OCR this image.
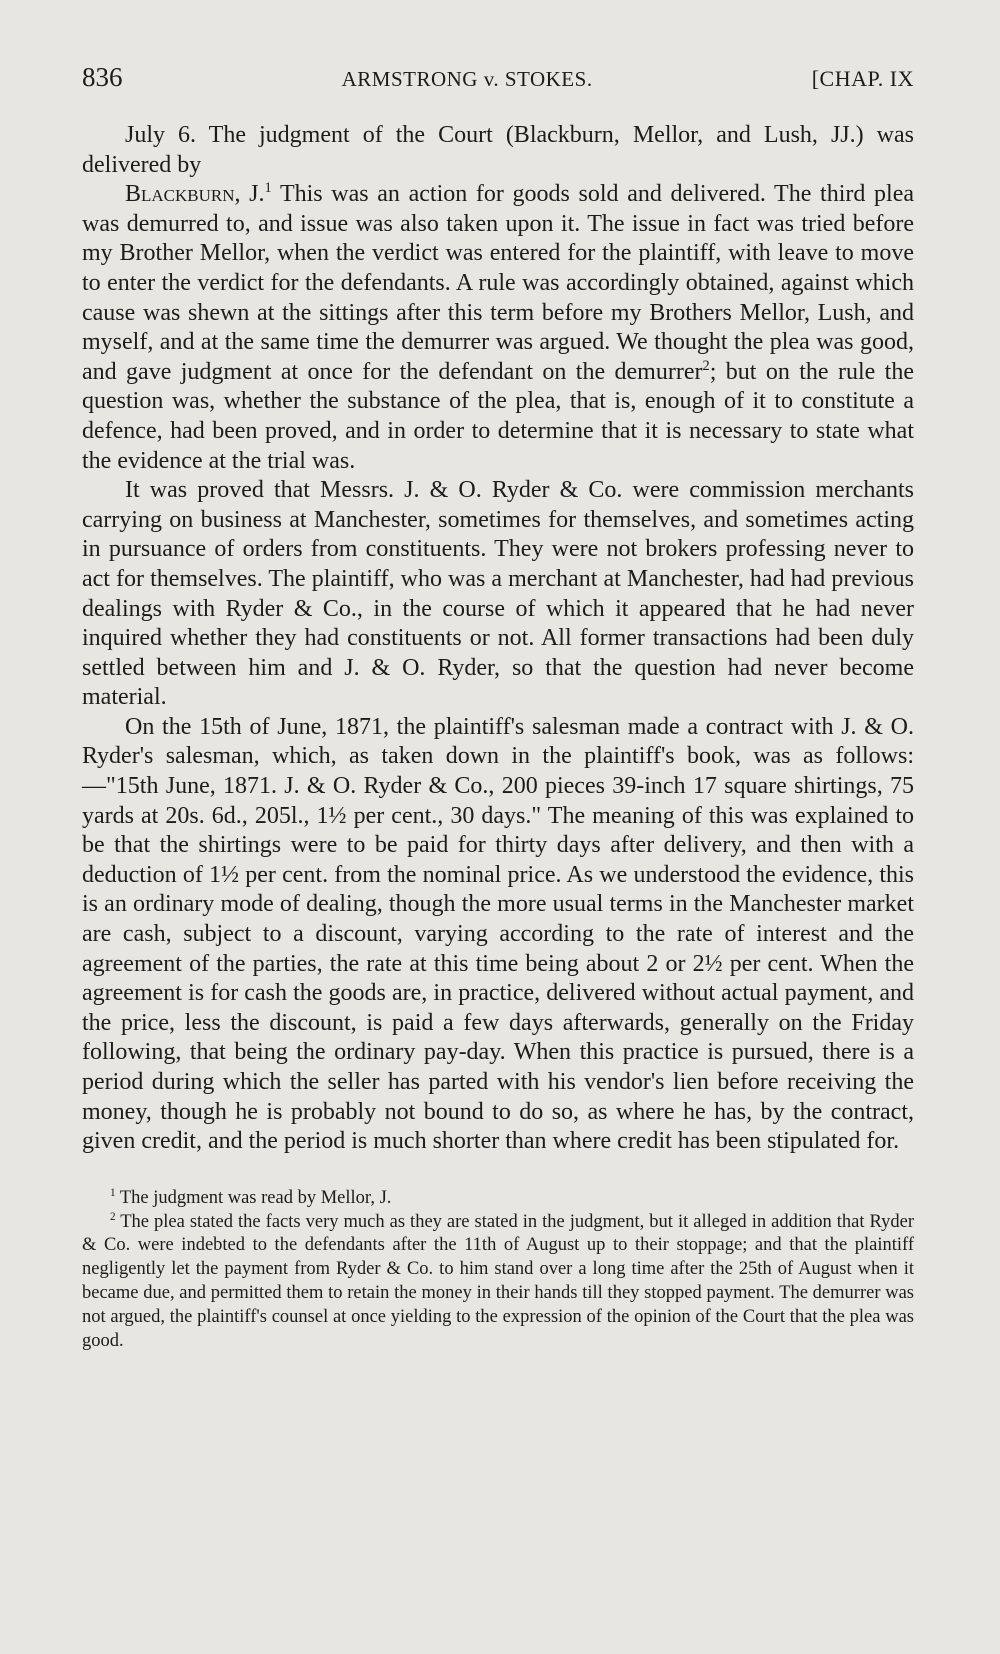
836	ARMSTRONG v. STOKES.	[CHAP. IX

July 6. The judgment of the Court (Blackburn, Mellor, and Lush, JJ.) was delivered by

Blackburn, J.$^1$ This was an action for goods sold and delivered. The third plea was demurred to, and issue was also taken upon it. The issue in fact was tried before my Brother Mellor, when the verdict was entered for the plaintiff, with leave to move to enter the verdict for the defendants. A rule was accordingly obtained, against which cause was shewn at the sittings after this term before my Brothers Mellor, Lush, and myself, and at the same time the demurrer was argued. We thought the plea was good, and gave judgment at once for the defendant on the demurrer$^2$; but on the rule the question was, whether the substance of the plea, that is, enough of it to constitute a defence, had been proved, and in order to determine that it is necessary to state what the evidence at the trial was.

It was proved that Messrs. J. & O. Ryder & Co. were commission merchants carrying on business at Manchester, sometimes for themselves, and sometimes acting in pursuance of orders from constituents. They were not brokers professing never to act for themselves. The plaintiff, who was a merchant at Manchester, had had previous dealings with Ryder & Co., in the course of which it appeared that he had never inquired whether they had constituents or not. All former transactions had been duly settled between him and J. & O. Ryder, so that the question had never become material.

On the 15th of June, 1871, the plaintiff's salesman made a contract with J. & O. Ryder's salesman, which, as taken down in the plaintiff's book, was as follows:—"15th June, 1871. J. & O. Ryder & Co., 200 pieces 39-inch 17 square shirtings, 75 yards at 20s. 6d., 205l., 1½ per cent., 30 days." The meaning of this was explained to be that the shirtings were to be paid for thirty days after delivery, and then with a deduction of 1½ per cent. from the nominal price. As we understood the evidence, this is an ordinary mode of dealing, though the more usual terms in the Manchester market are cash, subject to a discount, varying according to the rate of interest and the agreement of the parties, the rate at this time being about 2 or 2½ per cent. When the agreement is for cash the goods are, in practice, delivered without actual payment, and the price, less the discount, is paid a few days afterwards, generally on the Friday following, that being the ordinary pay-day. When this practice is pursued, there is a period during which the seller has parted with his vendor's lien before receiving the money, though he is probably not bound to do so, as where he has, by the contract, given credit, and the period is much shorter than where credit has been stipulated for.

$^1$ The judgment was read by Mellor, J.

$^2$ The plea stated the facts very much as they are stated in the judgment, but it alleged in addition that Ryder & Co. were indebted to the defendants after the 11th of August up to their stoppage; and that the plaintiff negligently let the payment from Ryder & Co. to him stand over a long time after the 25th of August when it became due, and permitted them to retain the money in their hands till they stopped payment. The demurrer was not argued, the plaintiff's counsel at once yielding to the expression of the opinion of the Court that the plea was good.
